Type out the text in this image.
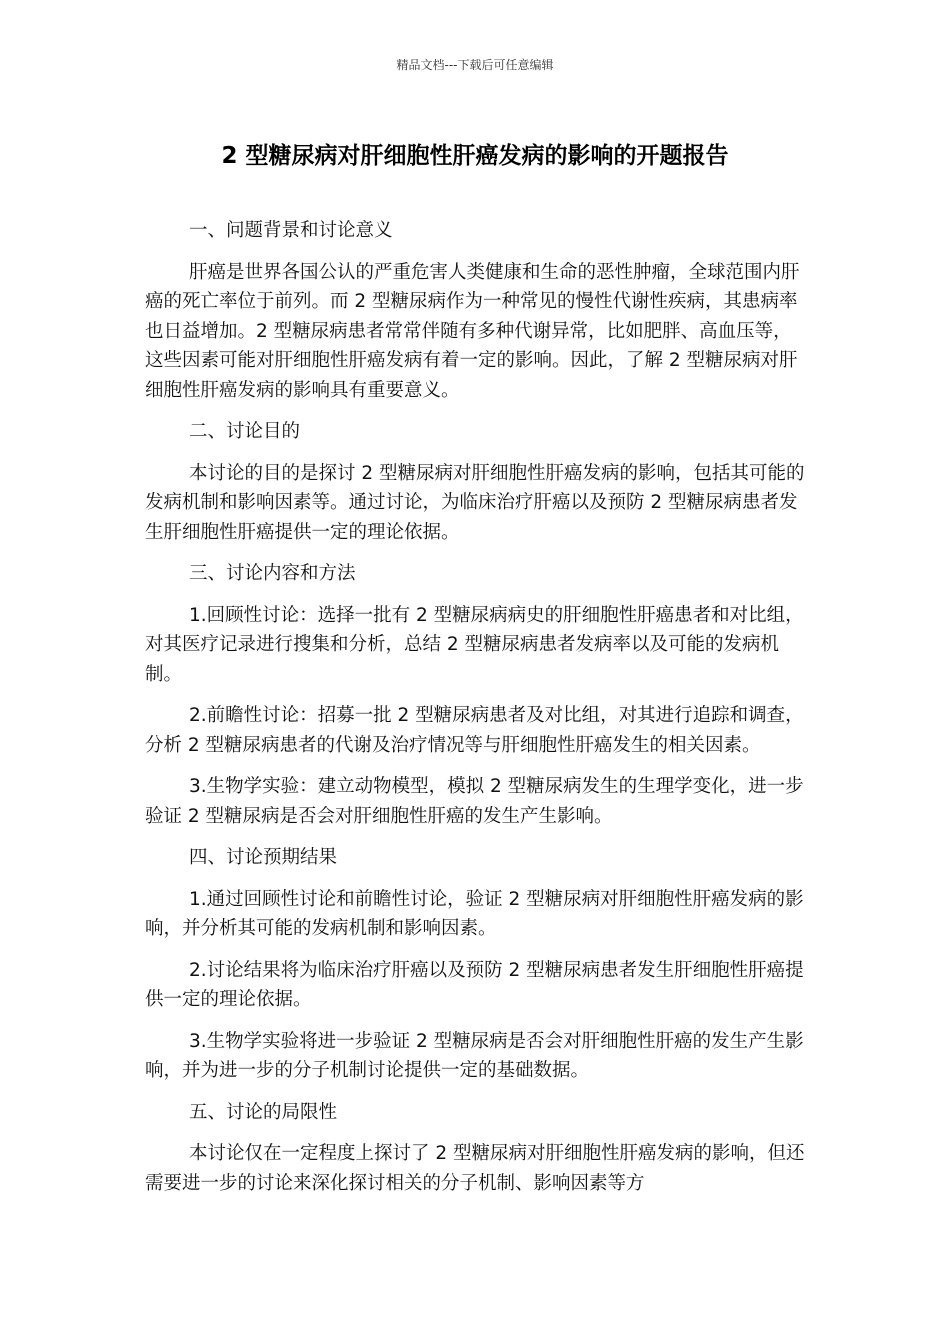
精品文档---下载后可任意编辑
2 型糖尿病对肝细胞性肝癌发病的影响的开题报告

一、问题背景和讨论意义

肝癌是世界各国公认的严重危害人类健康和生命的恶性肿瘤，全球范围内肝癌的死亡率位于前列。而 2 型糖尿病作为一种常见的慢性代谢性疾病，其患病率也日益增加。2 型糖尿病患者常常伴随有多种代谢异常，比如肥胖、高血压等，这些因素可能对肝细胞性肝癌发病有着一定的影响。因此，了解 2 型糖尿病对肝细胞性肝癌发病的影响具有重要意义。

二、讨论目的

本讨论的目的是探讨 2 型糖尿病对肝细胞性肝癌发病的影响，包括其可能的发病机制和影响因素等。通过讨论，为临床治疗肝癌以及预防 2 型糖尿病患者发生肝细胞性肝癌提供一定的理论依据。

三、讨论内容和方法

1.回顾性讨论：选择一批有 2 型糖尿病病史的肝细胞性肝癌患者和对比组，对其医疗记录进行搜集和分析，总结 2 型糖尿病患者发病率以及可能的发病机制。

2.前瞻性讨论：招募一批 2 型糖尿病患者及对比组，对其进行追踪和调查，分析 2 型糖尿病患者的代谢及治疗情况等与肝细胞性肝癌发生的相关因素。

3.生物学实验：建立动物模型，模拟 2 型糖尿病发生的生理学变化，进一步验证 2 型糖尿病是否会对肝细胞性肝癌的发生产生影响。

四、讨论预期结果

1.通过回顾性讨论和前瞻性讨论，验证 2 型糖尿病对肝细胞性肝癌发病的影响，并分析其可能的发病机制和影响因素。

2.讨论结果将为临床治疗肝癌以及预防 2 型糖尿病患者发生肝细胞性肝癌提供一定的理论依据。

3.生物学实验将进一步验证 2 型糖尿病是否会对肝细胞性肝癌的发生产生影响，并为进一步的分子机制讨论提供一定的基础数据。

五、讨论的局限性

本讨论仅在一定程度上探讨了 2 型糖尿病对肝细胞性肝癌发病的影响，但还需要进一步的讨论来深化探讨相关的分子机制、影响因素等方
